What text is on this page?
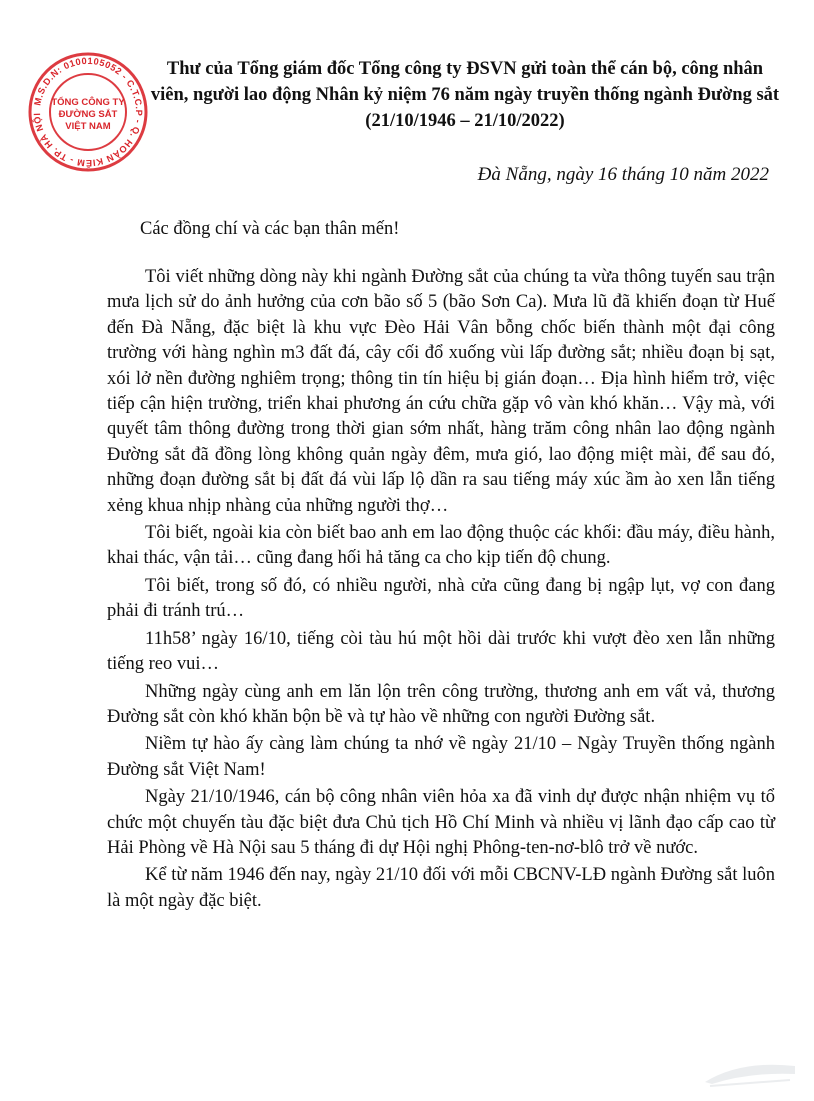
M.S.D.N: 0100105052 - C.T.C.P - Q. HOÀN KIẾM - TP. HÀ NỘI
TỔNG CÔNG TY
ĐƯỜNG SẮT
VIỆT NAM
Thư của Tổng giám đốc Tổng công ty ĐSVN gửi toàn thể cán bộ, công nhân
viên, người lao động Nhân kỷ niệm 76 năm ngày truyền thống ngành Đường sắt
(21/10/1946 – 21/10/2022)
Đà Nẵng, ngày 16 tháng 10 năm 2022
Các đồng chí và các bạn thân mến!

Tôi viết những dòng này khi ngành Đường sắt của chúng ta vừa thông tuyến sau trận mưa lịch sử do ảnh hưởng của cơn bão số 5 (bão Sơn Ca). Mưa lũ đã khiến đoạn từ Huế đến Đà Nẵng, đặc biệt là khu vực Đèo Hải Vân bỗng chốc biến thành một đại công trường với hàng nghìn m3 đất đá, cây cối đổ xuống vùi lấp đường sắt; nhiều đoạn bị sạt, xói lở nền đường nghiêm trọng; thông tin tín hiệu bị gián đoạn… Địa hình hiểm trở, việc tiếp cận hiện trường, triển khai phương án cứu chữa gặp vô vàn khó khăn… Vậy mà, với quyết tâm thông đường trong thời gian sớm nhất, hàng trăm công nhân lao động ngành Đường sắt đã đồng lòng không quản ngày đêm, mưa gió, lao động miệt mài, để sau đó, những đoạn đường sắt bị đất đá vùi lấp lộ dần ra sau tiếng máy xúc ầm ào xen lẫn tiếng xẻng khua nhịp nhàng của những người thợ…

Tôi biết, ngoài kia còn biết bao anh em lao động thuộc các khối: đầu máy, điều hành, khai thác, vận tải… cũng đang hối hả tăng ca cho kịp tiến độ chung.

Tôi biết, trong số đó, có nhiều người, nhà cửa cũng đang bị ngập lụt, vợ con đang phải đi tránh trú…

11h58’ ngày 16/10, tiếng còi tàu hú một hồi dài trước khi vượt đèo xen lẫn những tiếng reo vui…

Những ngày cùng anh em lăn lộn trên công trường, thương anh em vất vả, thương Đường sắt còn khó khăn bộn bề và tự hào về những con người Đường sắt.

Niềm tự hào ấy càng làm chúng ta nhớ về ngày 21/10 – Ngày Truyền thống ngành Đường sắt Việt Nam!

Ngày 21/10/1946, cán bộ công nhân viên hỏa xa đã vinh dự được nhận nhiệm vụ tổ chức một chuyến tàu đặc biệt đưa Chủ tịch Hồ Chí Minh và nhiều vị lãnh đạo cấp cao từ Hải Phòng về Hà Nội sau 5 tháng đi dự Hội nghị Phông-ten-nơ-blô trở về nước.

Kể từ năm 1946 đến nay, ngày 21/10 đối với mỗi CBCNV-LĐ ngành Đường sắt luôn là một ngày đặc biệt.
